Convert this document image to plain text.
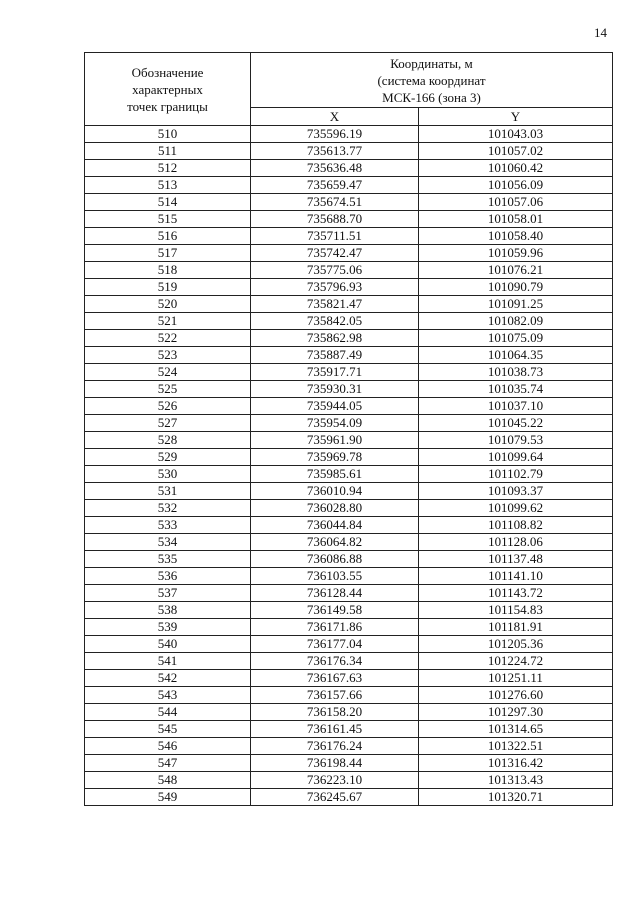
14
Обозначение
характерных
точек границы	Координаты, м
(система координат
МСК-166 (зона 3)	

	X	Y
510	735596.19	101043.03
511	735613.77	101057.02
512	735636.48	101060.42
513	735659.47	101056.09
514	735674.51	101057.06
515	735688.70	101058.01
516	735711.51	101058.40
517	735742.47	101059.96
518	735775.06	101076.21
519	735796.93	101090.79
520	735821.47	101091.25
521	735842.05	101082.09
522	735862.98	101075.09
523	735887.49	101064.35
524	735917.71	101038.73
525	735930.31	101035.74
526	735944.05	101037.10
527	735954.09	101045.22
528	735961.90	101079.53
529	735969.78	101099.64
530	735985.61	101102.79
531	736010.94	101093.37
532	736028.80	101099.62
533	736044.84	101108.82
534	736064.82	101128.06
535	736086.88	101137.48
536	736103.55	101141.10
537	736128.44	101143.72
538	736149.58	101154.83
539	736171.86	101181.91
540	736177.04	101205.36
541	736176.34	101224.72
542	736167.63	101251.11
543	736157.66	101276.60
544	736158.20	101297.30
545	736161.45	101314.65
546	736176.24	101322.51
547	736198.44	101316.42
548	736223.10	101313.43
549	736245.67	101320.71
